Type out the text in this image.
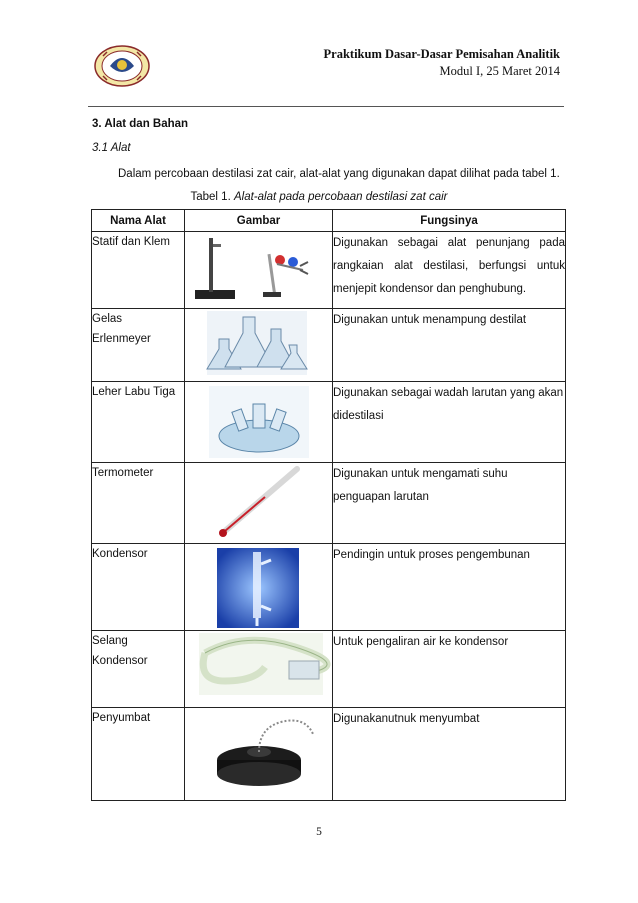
Praktikum Dasar-Dasar Pemisahan Analitik
Modul I, 25 Maret 2014
3. Alat dan Bahan
3.1 Alat
Dalam percobaan destilasi zat cair, alat-alat yang digunakan dapat dilihat pada tabel 1.
Tabel 1. Alat-alat pada percobaan destilasi zat cair
Nama Alat	Gambar	Fungsinya
Statif dan Klem		Digunakan sebagai alat penunjang pada rangkaian alat destilasi, berfungsi untuk menjepit kondensor dan penghubung.
Gelas Erlenmeyer		Digunakan untuk menampung destilat
Leher Labu Tiga		Digunakan sebagai wadah larutan yang akan didestilasi
Termometer		Digunakan untuk mengamati suhu penguapan larutan
Kondensor		Pendingin untuk proses pengembunan
Selang Kondensor		Untuk pengaliran air ke kondensor
Penyumbat		Digunakanutnuk menyumbat
5
